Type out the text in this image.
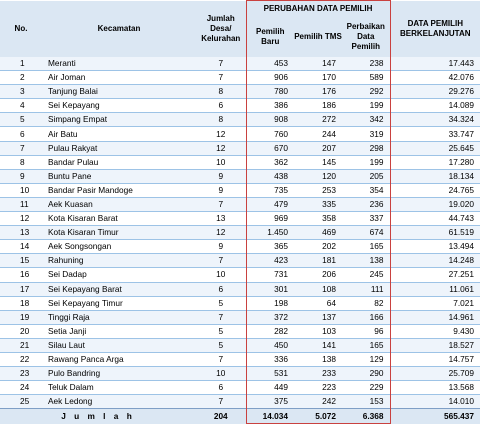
No.	Kecamatan	Jumlah Desa/ Kelurahan	PERUBAHAN DATA PEMILIH			DATA PEMILIH BERKELANJUTAN
			Pemilih Baru	Pemilih TMS	Perbaikan Data Pemilih	
1	Meranti	7	453	147	238	17.443
2	Air Joman	7	906	170	589	42.076
3	Tanjung Balai	8	780	176	292	29.276
4	Sei Kepayang	6	386	186	199	14.089
5	Simpang Empat	8	908	272	342	34.324
6	Air Batu	12	760	244	319	33.747
7	Pulau Rakyat	12	670	207	298	25.645
8	Bandar Pulau	10	362	145	199	17.280
9	Buntu Pane	9	438	120	205	18.134
10	Bandar Pasir Mandoge	9	735	253	354	24.765
11	Aek Kuasan	7	479	335	236	19.020
12	Kota Kisaran Barat	13	969	358	337	44.743
13	Kota Kisaran Timur	12	1.450	469	674	61.519
14	Aek Songsongan	9	365	202	165	13.494
15	Rahuning	7	423	181	138	14.248
16	Sei Dadap	10	731	206	245	27.251
17	Sei Kepayang Barat	6	301	108	111	11.061
18	Sei Kepayang Timur	5	198	64	82	7.021
19	Tinggi Raja	7	372	137	166	14.961
20	Setia Janji	5	282	103	96	9.430
21	Silau Laut	5	450	141	165	18.527
22	Rawang Panca Arga	7	336	138	129	14.757
23	Pulo Bandring	10	531	233	290	25.709
24	Teluk Dalam	6	449	223	229	13.568
25	Aek Ledong	7	375	242	153	14.010
J u m l a h		204	14.034	5.072	6.368	565.437
